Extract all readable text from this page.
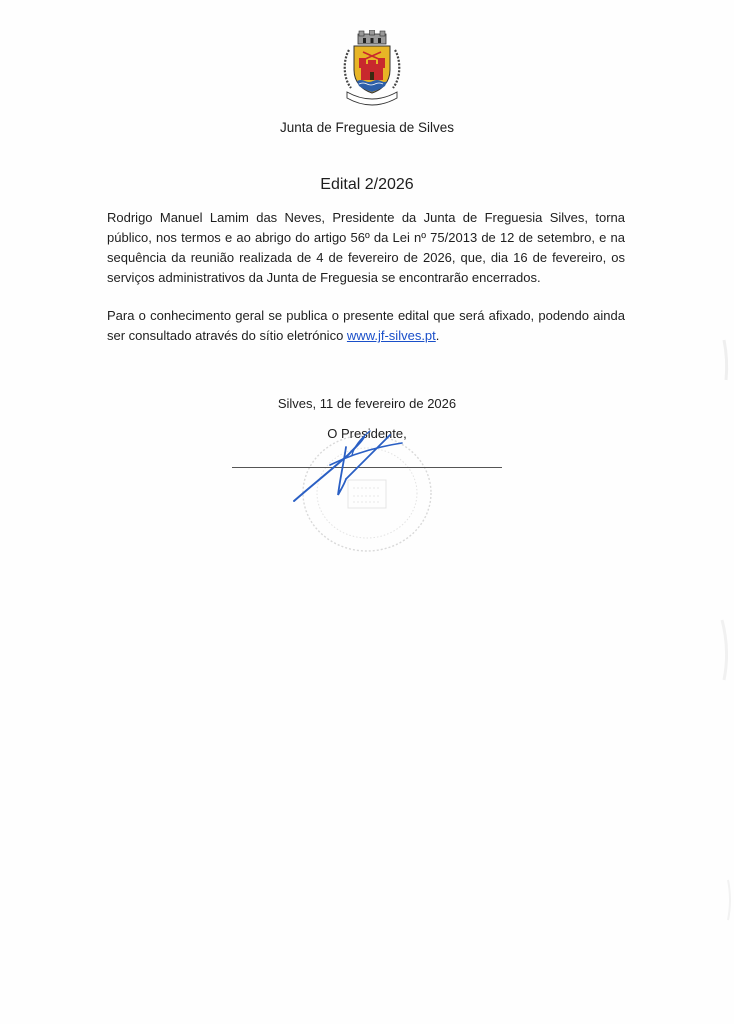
Junta de Freguesia de Silves
Edital 2/2026

Rodrigo Manuel Lamim das Neves, Presidente da Junta de Freguesia Silves, torna público, nos termos e ao abrigo do artigo 56º da Lei nº 75/2013 de 12 de setembro, e na sequência da reunião realizada de 4 de fevereiro de 2026, que, dia 16 de fevereiro, os serviços administrativos da Junta de Freguesia se encontrarão encerrados.

Para o conhecimento geral se publica o presente edital que será afixado, podendo ainda ser consultado através do sítio eletrónico www.jf-silves.pt.

Silves, 11 de fevereiro de 2026
O Presidente,
